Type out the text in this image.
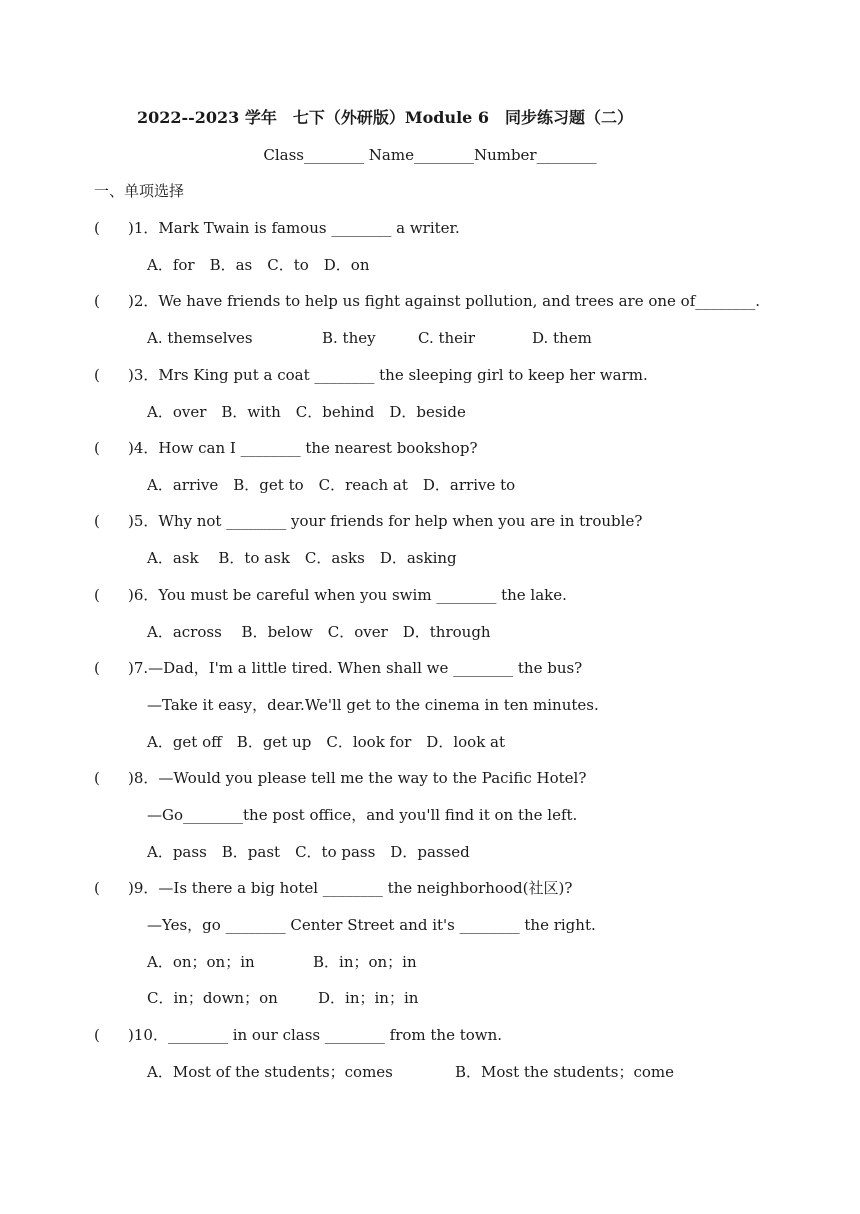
2022--2023 学年　七下（外研版）Module 6　同步练习题（二）
Class________ Name________Number________
一、单项选择
(　　
)1．Mark Twain is famous ________ a writer.
A．for　B．as　C．to　D．on
(　　
)2．We have friends to help us fight against pollution, and trees are one of________.
A. themselves	B. they	C. their	D. them
(　　
)3．Mrs King put a coat ________ the sleeping girl to keep her warm.
A．over　B．with　C．behind　D．beside
(　　
)4．How can I ________ the nearest bookshop?
A．arrive　B．get to　C．reach at　D．arrive to
(　　
)5．Why not ________ your friends for help when you are in trouble?
A．ask　 B．to ask　C．asks　D．asking
(　　
)6．You must be careful when you swim ________ the lake.
A．across　 B．below　C．over　D．through
(　　
)7.—Dad，I'm a little tired. When shall we ________ the bus?
—Take it easy，dear.We'll get to the cinema in ten minutes.
A．get off　B．get up　C．look for　D．look at
(　　
)8．—Would you please tell me the way to the Pacific Hotel?
—Go________the post office，and you'll find it on the left.
A．pass　B．past　C．to pass　D．passed
(　　
)9．—Is there a big hotel ________ the neighborhood(社区)?
—Yes，go ________ Center Street and it's ________ the right.
A．on；on；in	B．in；on；in
C．in；down；on	D．in；in；in
(　　
)10．________ in our class ________ from the town.
A．Most of the students；comes	B．Most the students；come
